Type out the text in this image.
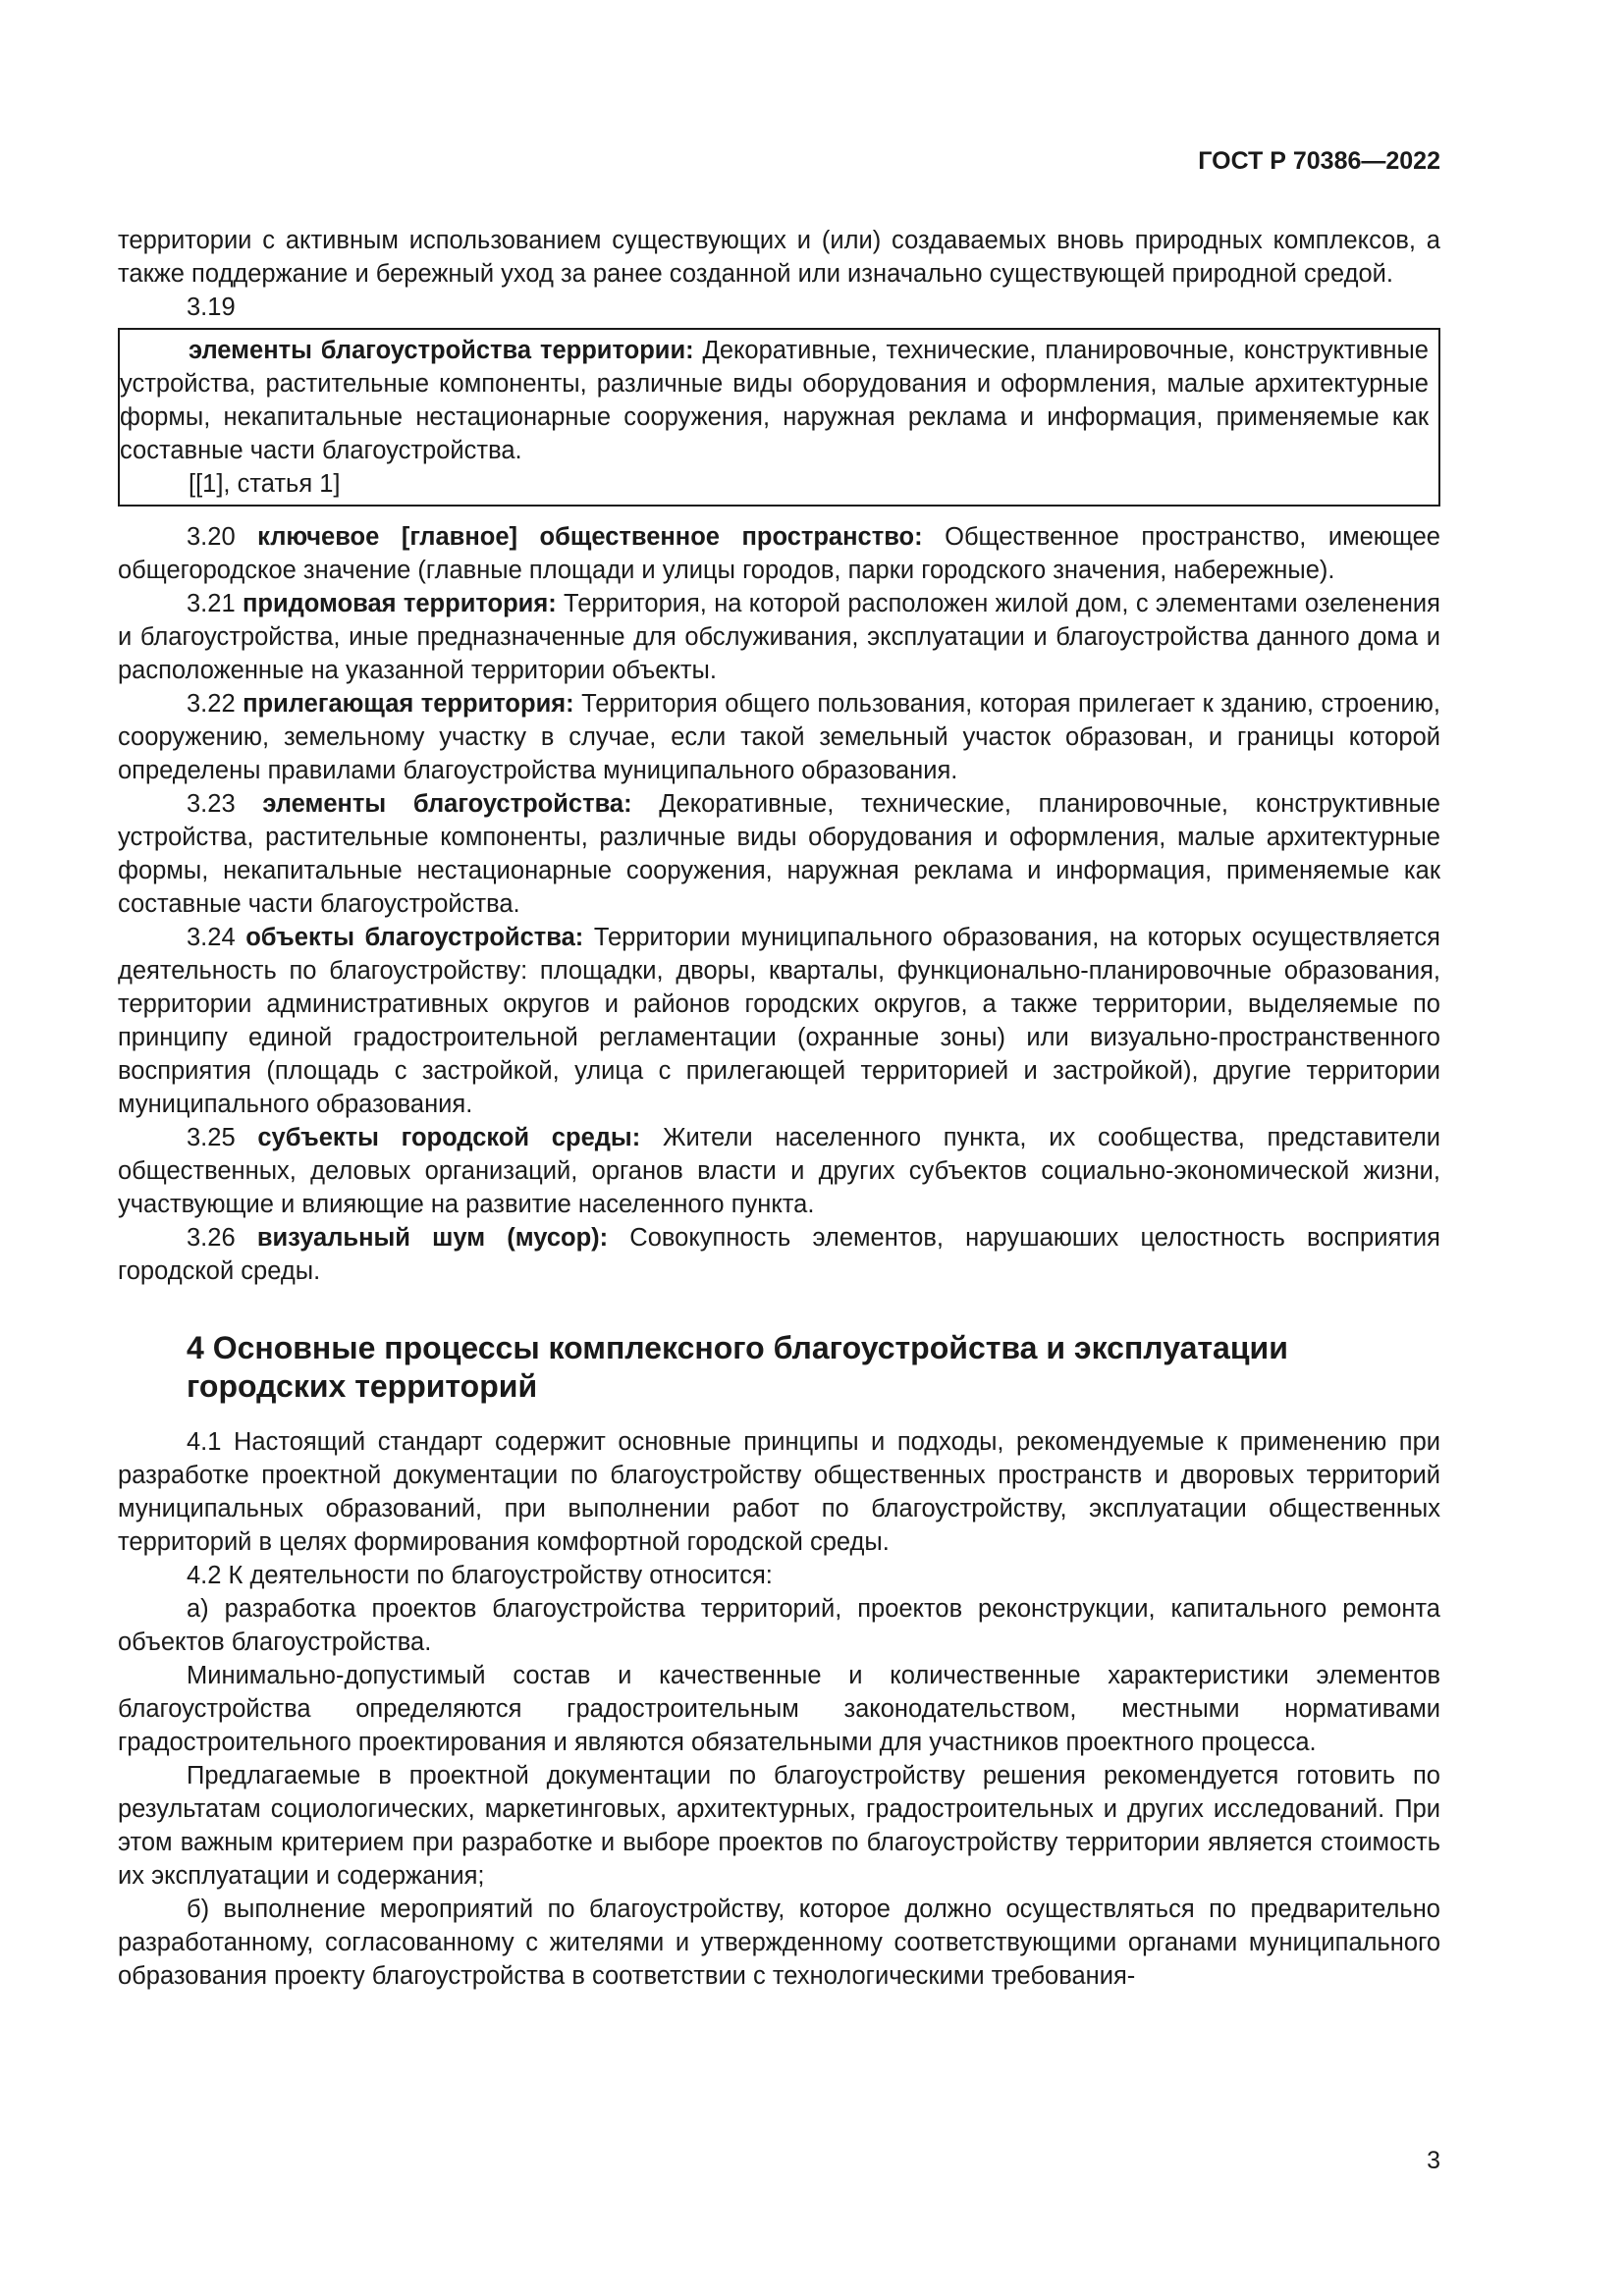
ГОСТ Р 70386—2022

территории с активным использованием существующих и (или) создаваемых вновь природных комплексов, а также поддержание и бережный уход за ранее созданной или изначально существующей природной средой.

3.19

элементы благоустройства территории: Декоративные, технические, планировочные, конструктивные устройства, растительные компоненты, различные виды оборудования и оформления, малые архитектурные формы, некапитальные нестационарные сооружения, наружная реклама и информация, применяемые как составные части благоустройства.

[[1], статья 1]

3.20 ключевое [главное] общественное пространство: Общественное пространство, имеющее общегородское значение (главные площади и улицы городов, парки городского значения, набережные).

3.21 придомовая территория: Территория, на которой расположен жилой дом, с элементами озеленения и благоустройства, иные предназначенные для обслуживания, эксплуатации и благоустройства данного дома и расположенные на указанной территории объекты.

3.22 прилегающая территория: Территория общего пользования, которая прилегает к зданию, строению, сооружению, земельному участку в случае, если такой земельный участок образован, и границы которой определены правилами благоустройства муниципального образования.

3.23 элементы благоустройства: Декоративные, технические, планировочные, конструктивные устройства, растительные компоненты, различные виды оборудования и оформления, малые архитектурные формы, некапитальные нестационарные сооружения, наружная реклама и информация, применяемые как составные части благоустройства.

3.24 объекты благоустройства: Территории муниципального образования, на которых осуществляется деятельность по благоустройству: площадки, дворы, кварталы, функционально-планировочные образования, территории административных округов и районов городских округов, а также территории, выделяемые по принципу единой градостроительной регламентации (охранные зоны) или визуально-пространственного восприятия (площадь с застройкой, улица с прилегающей территорией и застройкой), другие территории муниципального образования.

3.25 субъекты городской среды: Жители населенного пункта, их сообщества, представители общественных, деловых организаций, органов власти и других субъектов социально-экономической жизни, участвующие и влияющие на развитие населенного пункта.

3.26 визуальный шум (мусор): Совокупность элементов, нарушаюших целостность восприятия городской среды.

4 Основные процессы комплексного благоустройства и эксплуатации
городских территорий

4.1 Настоящий стандарт содержит основные принципы и подходы, рекомендуемые к применению при разработке проектной документации по благоустройству общественных пространств и дворовых территорий муниципальных образований, при выполнении работ по благоустройству, эксплуатации общественных территорий в целях формирования комфортной городской среды.

4.2 К деятельности по благоустройству относится:

а) разработка проектов благоустройства территорий, проектов реконструкции, капитального ремонта объектов благоустройства.

Минимально-допустимый состав и качественные и количественные характеристики элементов благоустройства определяются градостроительным законодательством, местными нормативами градостроительного проектирования и являются обязательными для участников проектного процесса.

Предлагаемые в проектной документации по благоустройству решения рекомендуется готовить по результатам социологических, маркетинговых, архитектурных, градостроительных и других исследований. При этом важным критерием при разработке и выборе проектов по благоустройству территории является стоимость их эксплуатации и содержания;

б) выполнение мероприятий по благоустройству, которое должно осуществляться по предварительно разработанному, согласованному с жителями и утвержденному соответствующими органами муниципального образования проекту благоустройства в соответствии с технологическими требования-

3
